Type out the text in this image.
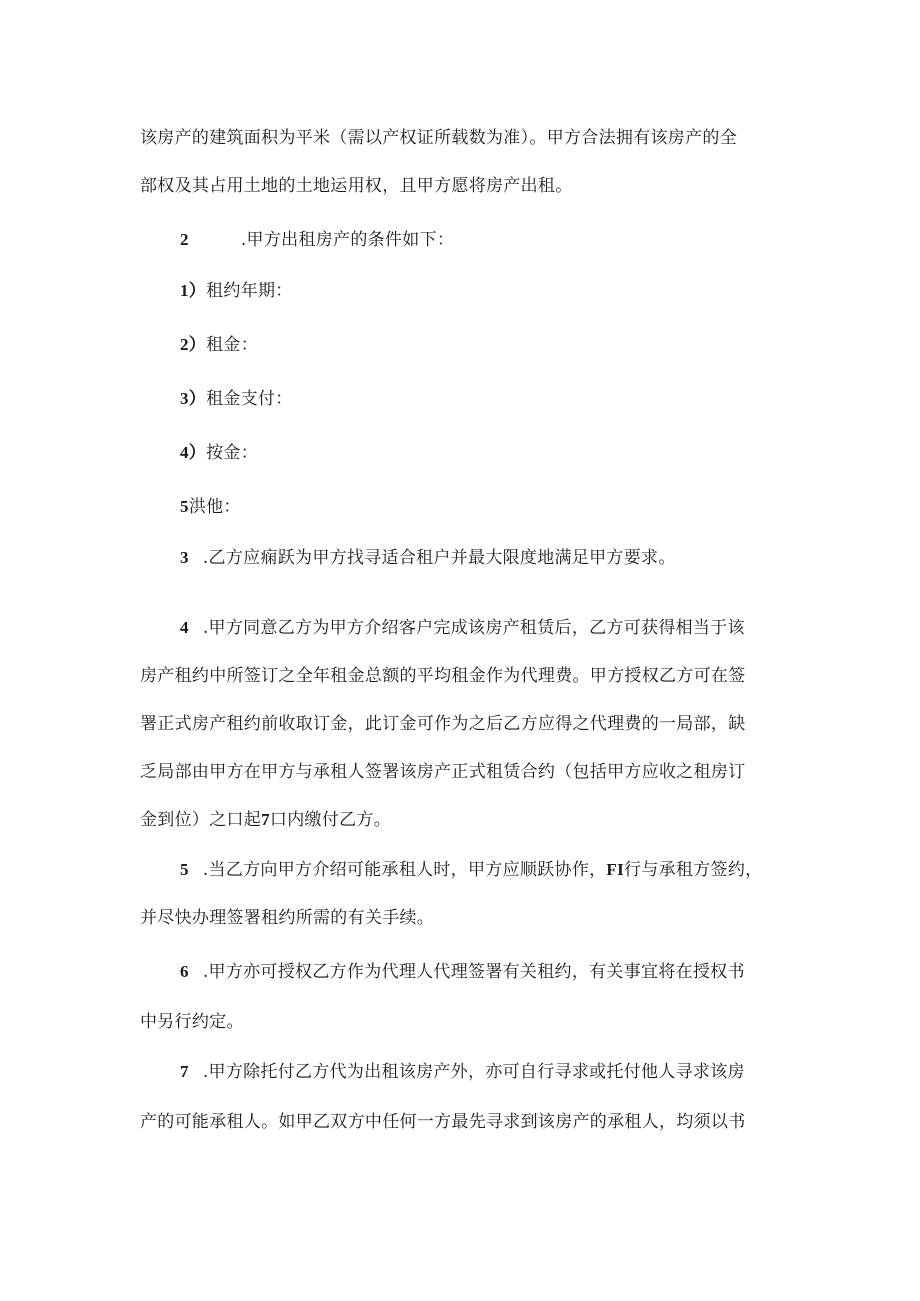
该房产的建筑面积为平米（需以产权证所载数为准）。甲方合法拥有该房产的全
部权及其占用土地的土地运用权，且甲方愿将房产出租。
2	.甲方出租房产的条件如下：
1）租约年期：
2）租金：
3）租金支付：
4）按金：
5洪他：
3 .乙方应痫跃为甲方找寻适合租户并最大限度地满足甲方要求。
4 .甲方同意乙方为甲方介绍客户完成该房产租赁后，乙方可获得相当于该
房产租约中所签订之全年租金总额的平均租金作为代理费。甲方授权乙方可在签
署正式房产租约前收取订金，此订金可作为之后乙方应得之代理费的一局部，缺
乏局部由甲方在甲方与承租人签署该房产正式租赁合约（包括甲方应收之租房订
金到位）之口起7口内缴付乙方。
5 .当乙方向甲方介绍可能承租人时，甲方应顺跃协作，FI行与承租方签约，
并尽快办理签署租约所需的有关手续。
6 .甲方亦可授权乙方作为代理人代理签署有关租约，有关事宜将在授权书
中另行约定。
7 .甲方除托付乙方代为出租该房产外，亦可自行寻求或托付他人寻求该房
产的可能承租人。如甲乙双方中任何一方最先寻求到该房产的承租人，均须以书
